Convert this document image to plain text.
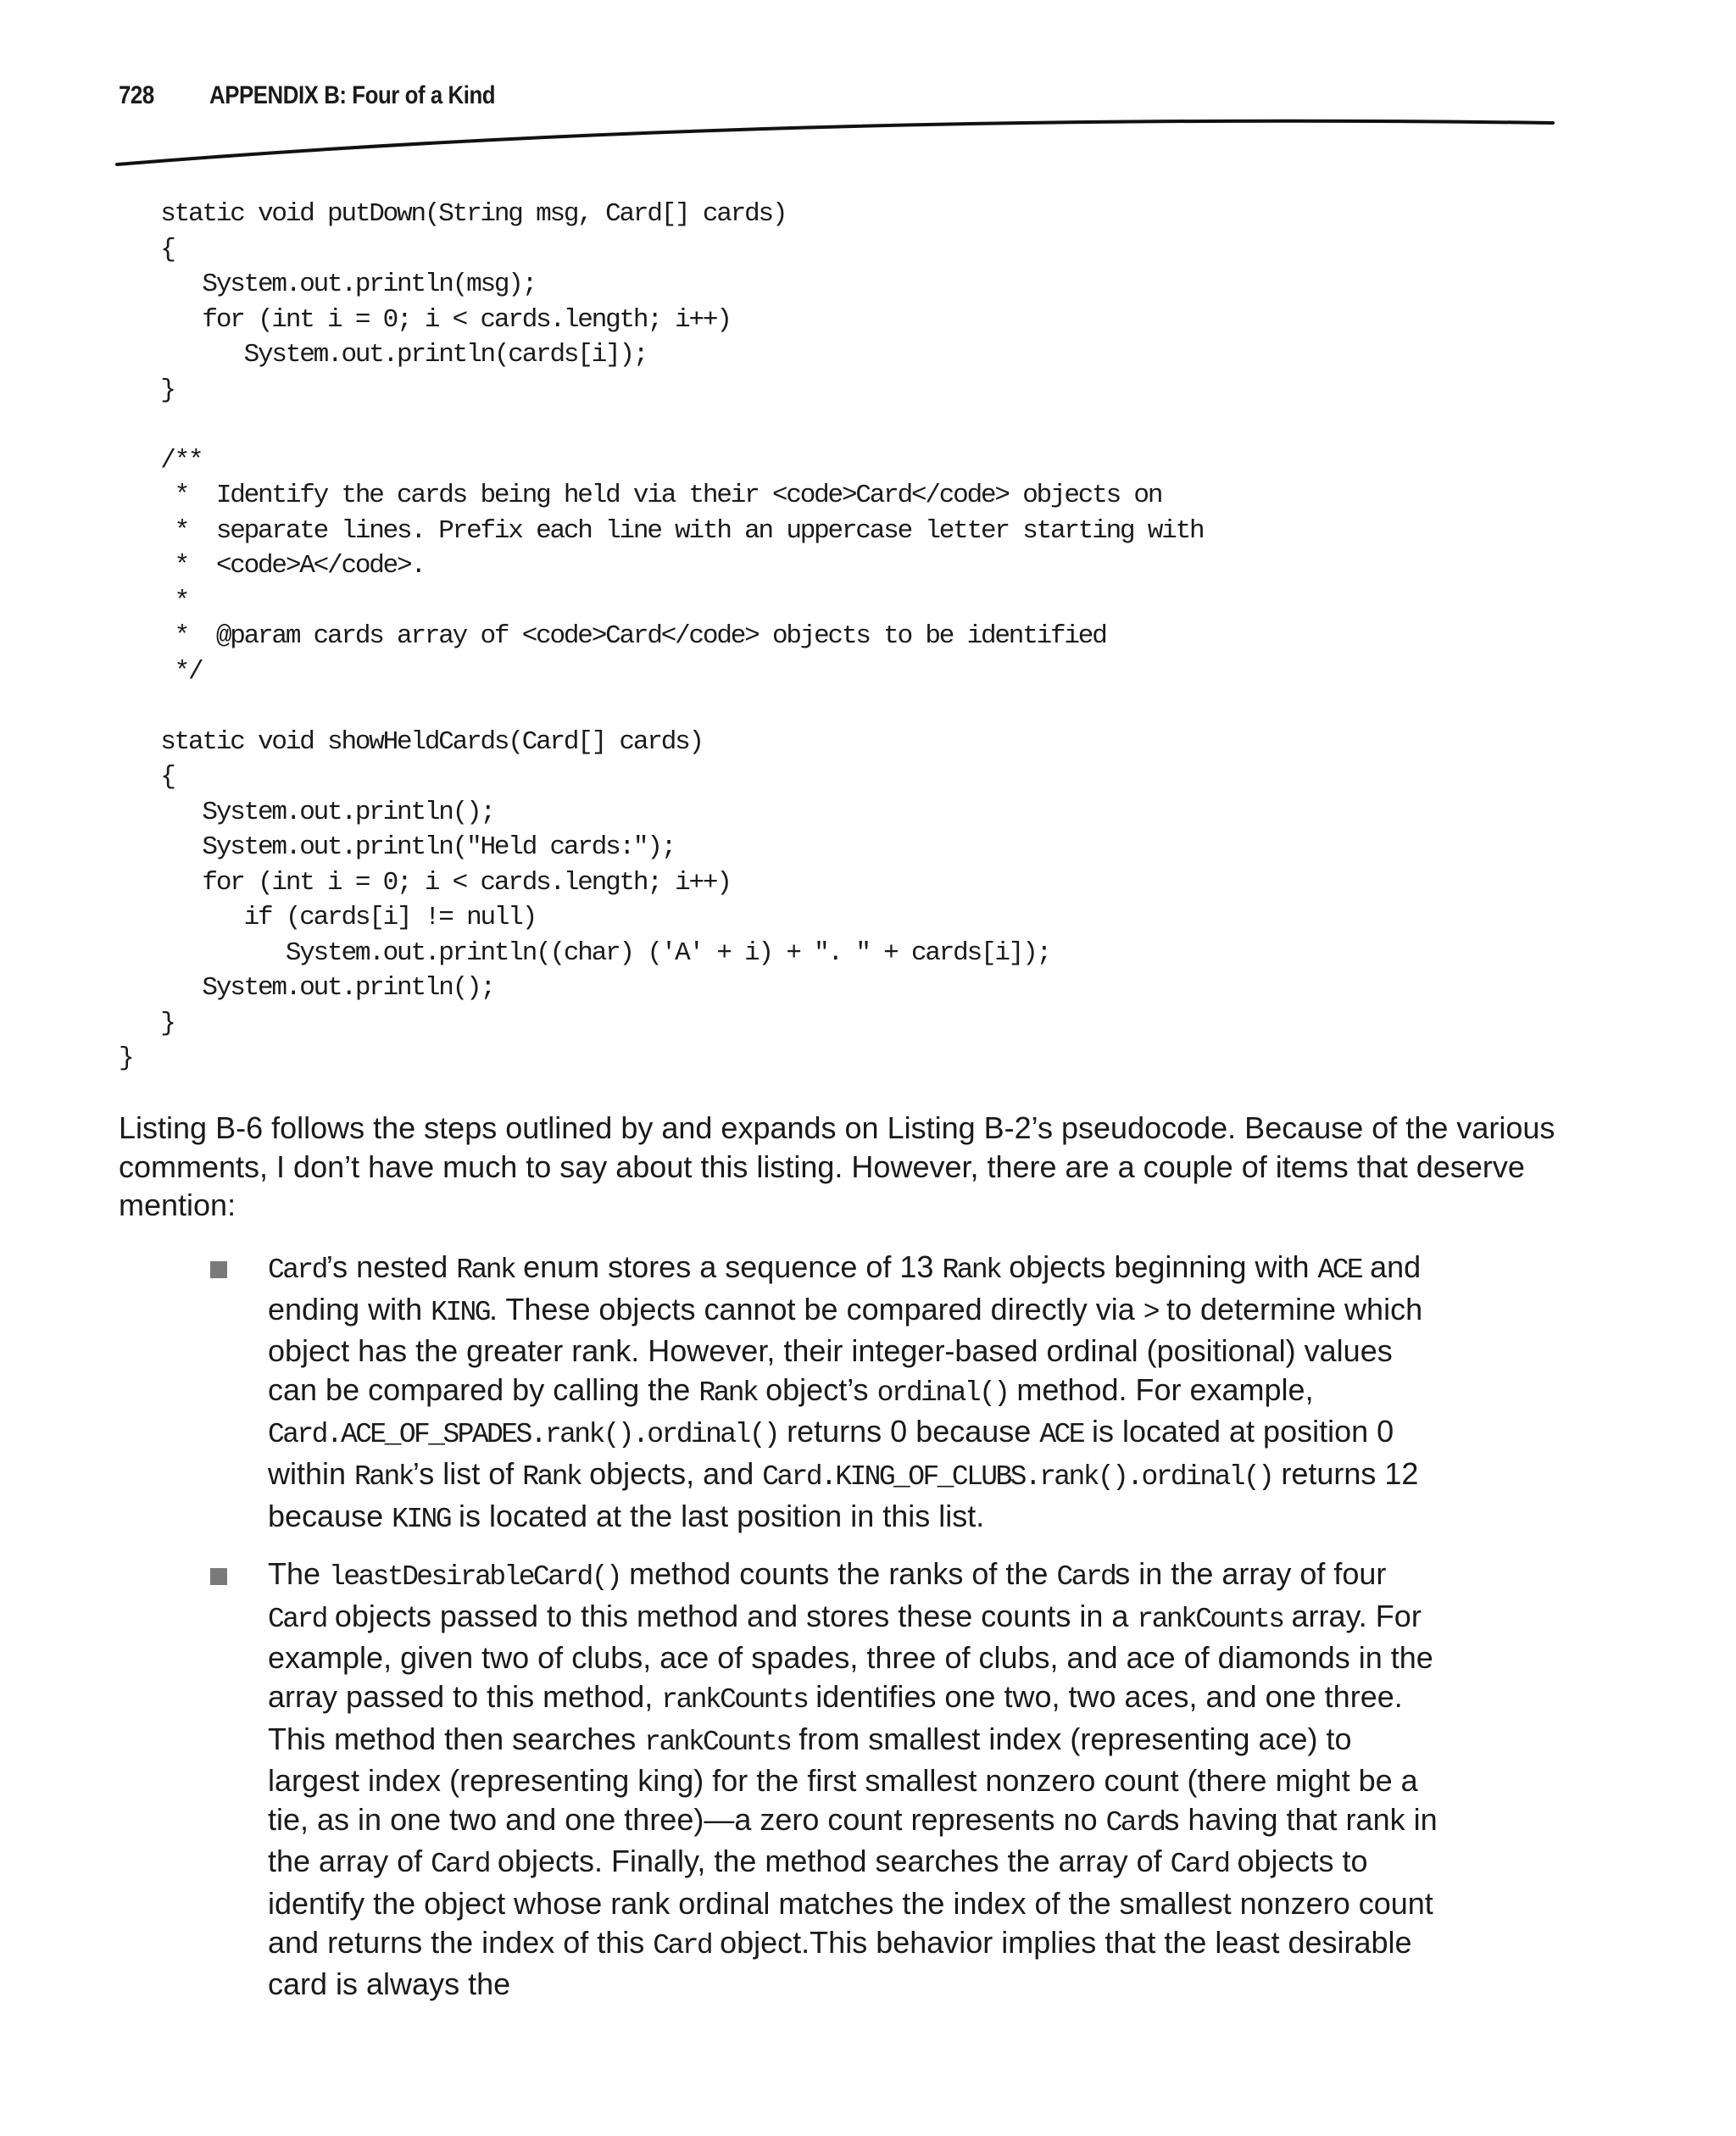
728 APPENDIX B: Four of a Kind
static void putDown(String msg, Card[] cards)
{
System.out.println(msg);
for (int i = 0; i < cards.length; i++)
System.out.println(cards[i]);
}

/**
*  Identify the cards being held via their <code>Card</code> objects on
*  separate lines. Prefix each line with an uppercase letter starting with
*  <code>A</code>.
*
*  @param cards array of <code>Card</code> objects to be identified
*/

static void showHeldCards(Card[] cards)
{
System.out.println();
System.out.println("Held cards:");
for (int i = 0; i < cards.length; i++)
if (cards[i] != null)
System.out.println((char) ('A' + i) + ". " + cards[i]);
System.out.println();
}
}

Listing B-6 follows the steps outlined by and expands on Listing B-2’s pseudocode. Because of the various comments, I don’t have much to say about this listing. However, there are a couple of items that deserve mention:

Card’s nested Rank enum stores a sequence of 13 Rank objects beginning with ACE and ending with KING. These objects cannot be compared directly via > to determine which object has the greater rank. However, their integer-based ordinal (positional) values can be compared by calling the Rank object’s ordinal() method. For example, Card.ACE_OF_SPADES.rank().ordinal() returns 0 because ACE is located at position 0 within Rank’s list of Rank objects, and Card.KING_OF_CLUBS.rank().ordinal() returns 12 because KING is located at the last position in this list.
The leastDesirableCard() method counts the ranks of the Cards in the array of four Card objects passed to this method and stores these counts in a rankCounts array. For example, given two of clubs, ace of spades, three of clubs, and ace of diamonds in the array passed to this method, rankCounts identifies one two, two aces, and one three. This method then searches rankCounts from smallest index (representing ace) to largest index (representing king) for the first smallest nonzero count (there might be a tie, as in one two and one three)—a zero count represents no Cards having that rank in the array of Card objects. Finally, the method searches the array of Card objects to identify the object whose rank ordinal matches the index of the smallest nonzero count and returns the index of this Card object.This behavior implies that the least desirable card is always the
